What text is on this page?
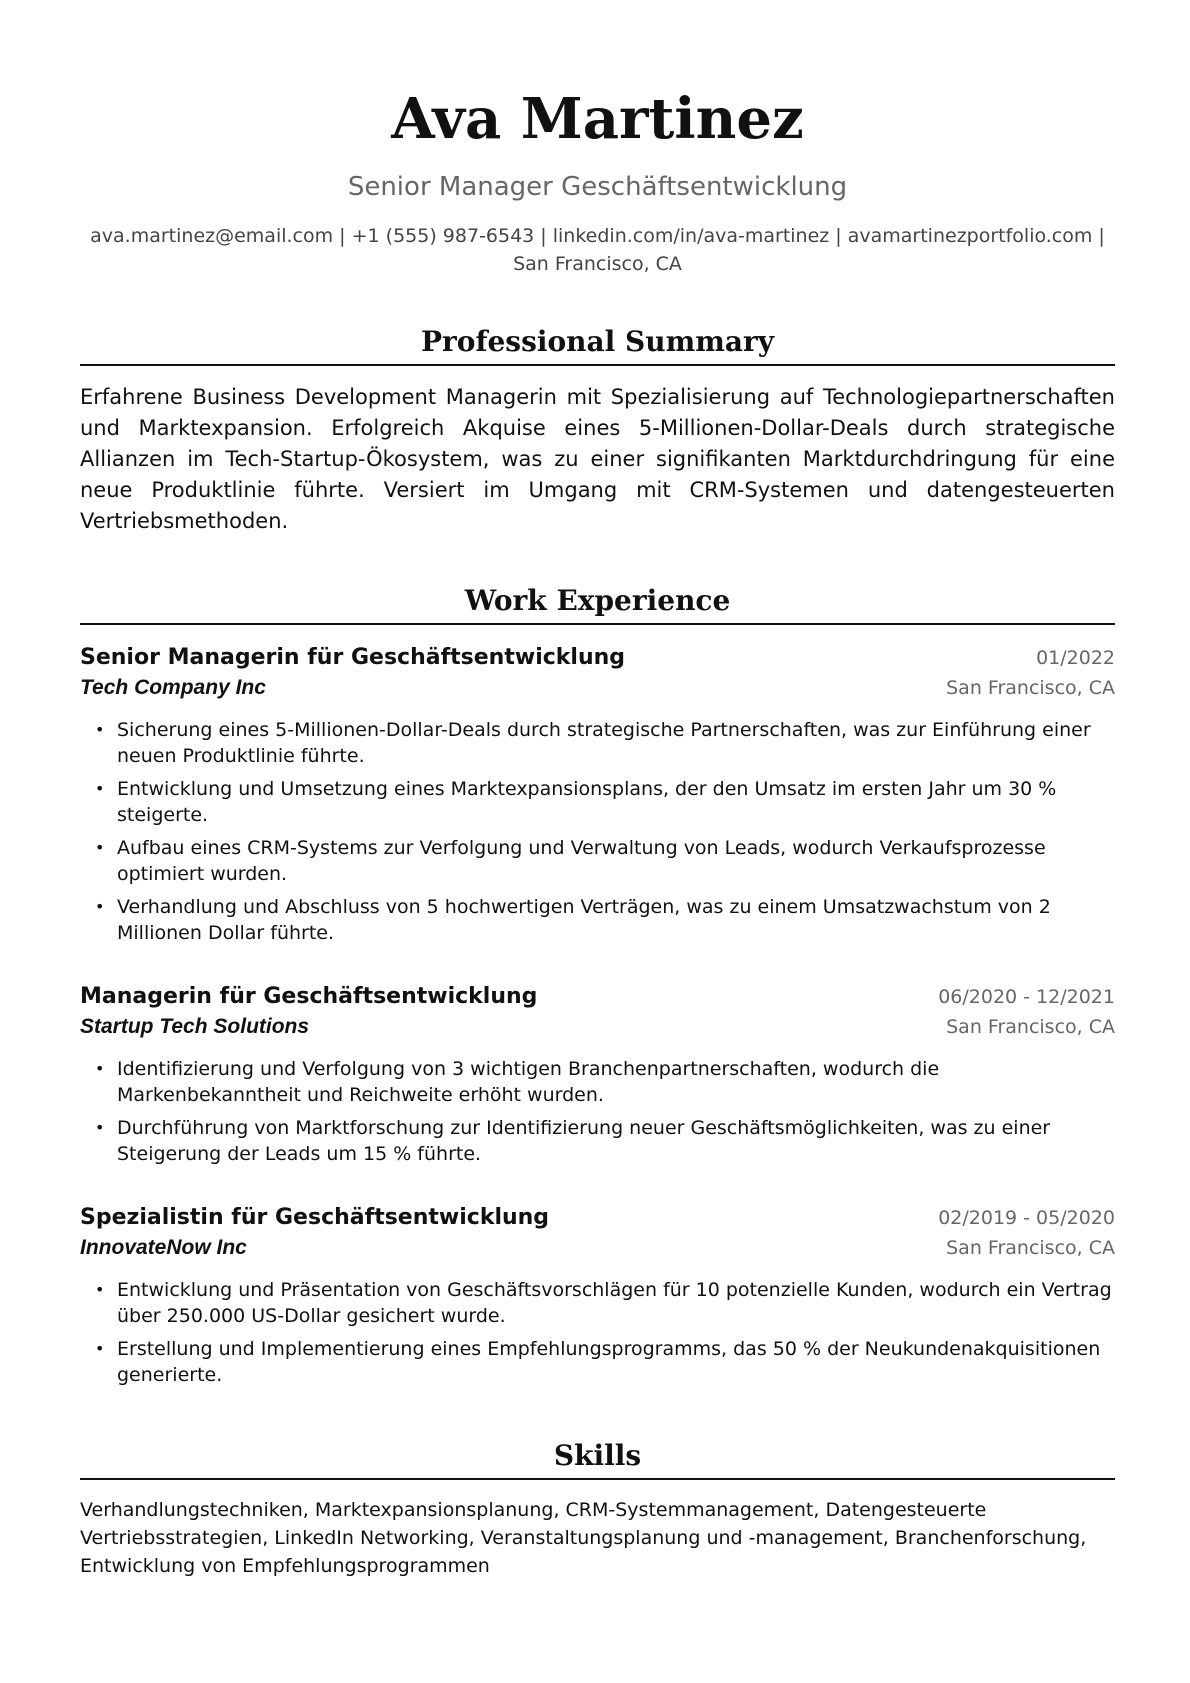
Ava Martinez
Senior Manager Geschäftsentwicklung
ava.martinez@email.com | +1 (555) 987-6543 | linkedin.com/in/ava-martinez | avamartinezportfolio.com | San Francisco, CA
Professional Summary
Erfahrene Business Development Managerin mit Spezialisierung auf Technologiepartnerschaften und Marktexpansion. Erfolgreich Akquise eines 5-Millionen-Dollar-Deals durch strategische Allianzen im Tech-Startup-Ökosystem, was zu einer signifikanten Marktdurchdringung für eine neue Produktlinie führte. Versiert im Umgang mit CRM-Systemen und datengesteuerten Vertriebsmethoden.
Work Experience
Senior Managerin für Geschäftsentwicklung	01/2022
Tech Company Inc	San Francisco, CA
• Sicherung eines 5-Millionen-Dollar-Deals durch strategische Partnerschaften, was zur Einführung einer neuen Produktlinie führte.
• Entwicklung und Umsetzung eines Marktexpansionsplans, der den Umsatz im ersten Jahr um 30 % steigerte.
• Aufbau eines CRM-Systems zur Verfolgung und Verwaltung von Leads, wodurch Verkaufsprozesse optimiert wurden.
• Verhandlung und Abschluss von 5 hochwertigen Verträgen, was zu einem Umsatzwachstum von 2 Millionen Dollar führte.
Managerin für Geschäftsentwicklung	06/2020 - 12/2021
Startup Tech Solutions	San Francisco, CA
• Identifizierung und Verfolgung von 3 wichtigen Branchenpartnerschaften, wodurch die Markenbekanntheit und Reichweite erhöht wurden.
• Durchführung von Marktforschung zur Identifizierung neuer Geschäftsmöglichkeiten, was zu einer Steigerung der Leads um 15 % führte.
Spezialistin für Geschäftsentwicklung	02/2019 - 05/2020
InnovateNow Inc	San Francisco, CA
• Entwicklung und Präsentation von Geschäftsvorschlägen für 10 potenzielle Kunden, wodurch ein Vertrag über 250.000 US-Dollar gesichert wurde.
• Erstellung und Implementierung eines Empfehlungsprogramms, das 50 % der Neukundenakquisitionen generierte.
Skills
Verhandlungstechniken, Marktexpansionsplanung, CRM-Systemmanagement, Datengesteuerte Vertriebsstrategien, LinkedIn Networking, Veranstaltungsplanung und -management, Branchenforschung, Entwicklung von Empfehlungsprogrammen
